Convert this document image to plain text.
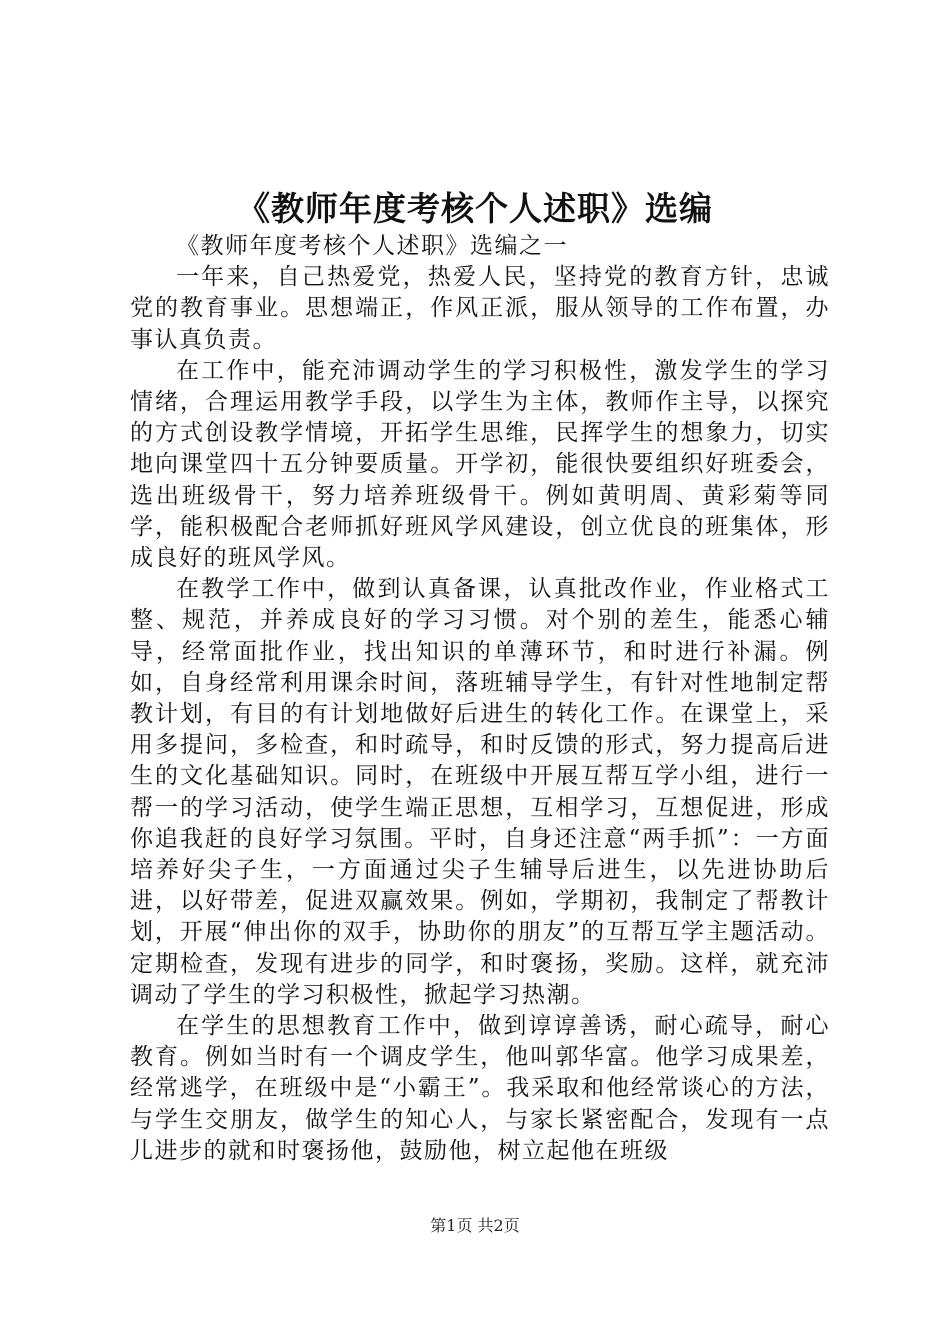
《教师年度考核个人述职》选编

《教师年度考核个人述职》选编之一

一年来，自己热爱党，热爱人民，坚持党的教育方针，忠诚党的教育事业。思想端正，作风正派，服从领导的工作布置，办事认真负责。

在工作中，能充沛调动学生的学习积极性，激发学生的学习情绪，合理运用教学手段，以学生为主体，教师作主导，以探究的方式创设教学情境，开拓学生思维，民挥学生的想象力，切实地向课堂四十五分钟要质量。开学初，能很快要组织好班委会，选出班级骨干，努力培养班级骨干。例如黄明周、黄彩菊等同学，能积极配合老师抓好班风学风建设，创立优良的班集体，形成良好的班风学风。

在教学工作中，做到认真备课，认真批改作业，作业格式工整、规范，并养成良好的学习习惯。对个别的差生，能悉心辅导，经常面批作业，找出知识的单薄环节，和时进行补漏。例如，自身经常利用课余时间，落班辅导学生，有针对性地制定帮教计划，有目的有计划地做好后进生的转化工作。在课堂上，采用多提问，多检查，和时疏导，和时反馈的形式，努力提高后进生的文化基础知识。同时，在班级中开展互帮互学小组，进行一帮一的学习活动，使学生端正思想，互相学习，互想促进，形成你追我赶的良好学习氛围。平时，自身还注意“两手抓”：一方面培养好尖子生，一方面通过尖子生辅导后进生，以先进协助后进，以好带差，促进双赢效果。例如，学期初，我制定了帮教计划，开展“伸出你的双手，协助你的朋友”的互帮互学主题活动。定期检查，发现有进步的同学，和时褒扬，奖励。这样，就充沛调动了学生的学习积极性，掀起学习热潮。

在学生的思想教育工作中，做到谆谆善诱，耐心疏导，耐心教育。例如当时有一个调皮学生，他叫郭华富。他学习成果差，经常逃学，在班级中是“小霸王”。我采取和他经常谈心的方法，与学生交朋友，做学生的知心人，与家长紧密配合，发现有一点儿进步的就和时褒扬他，鼓励他，树立起他在班级

第1页 共2页
